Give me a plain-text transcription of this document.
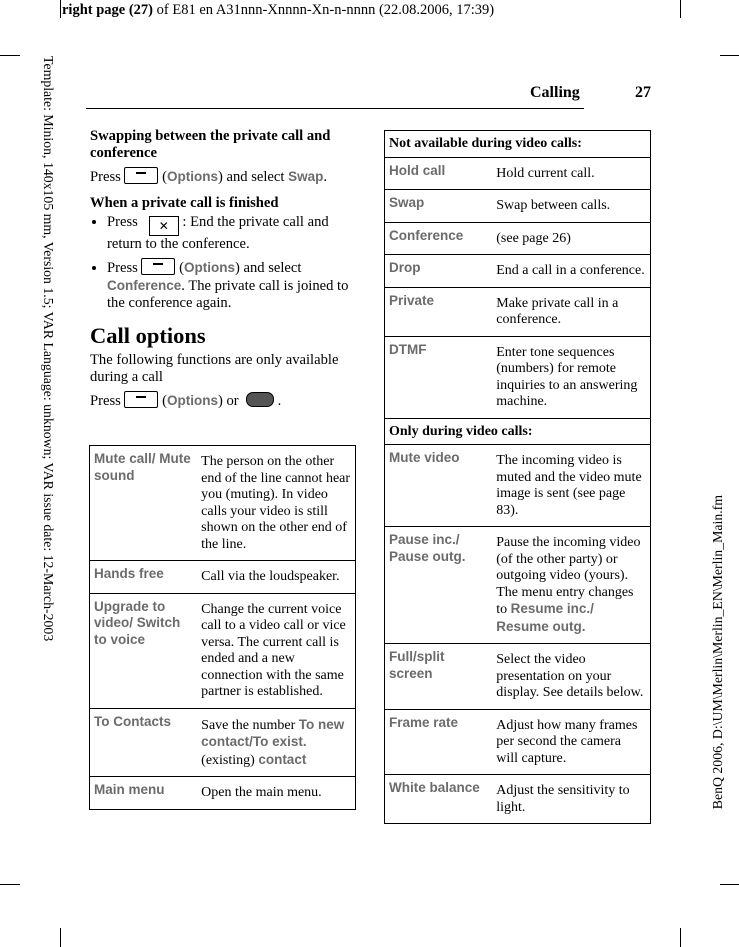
right page (27) of E81 en A31nnn-Xnnnn-Xn-n-nnnn (22.08.2006, 17:39)
Template: Minion, 140x105 mm, Version 1.5; VAR Language: unknown; VAR issue date: 12-March-2003
BenQ 2006, D:\UM\Merlin\Merlin_EN\Merlin_Main.fm
Calling	27

Swapping between the private call and conference

Press	(Options) and select Swap.

When a private call is finished

• Press ✕ : End the private call and return to the conference.
• Press	(Options) and select Conference. The private call is joined to the conference again.

Call options

The following functions are only available during a call

Press	(Options) or   .

Mute call/ Mute sound	The person on the other end of the line cannot hear you (muting). In video calls your video is still shown on the other end of the line.
Hands free	Call via the loudspeaker.
Upgrade to video/ Switch to voice	Change the current voice call to a video call or vice versa. The current call is ended and a new connection with the same partner is established.
To Contacts	Save the number To new contact/To exist.(existing) contact
Main menu	Open the main menu.
Not available during video calls:	
Hold call	Hold current call.
Swap	Swap between calls.
Conference	(see page 26)
Drop	End a call in a conference.
Private	Make private call in a conference.
DTMF	Enter tone sequences (numbers) for remote inquiries to an answering machine.
Only during video calls:	
Mute video	The incoming video is muted and the video mute image is sent (see page 83).
Pause inc./ Pause outg.	Pause the incoming video (of the other party) or outgoing video (yours). The menu entry changes to Resume inc./ Resume outg.
Full/split screen	Select the video presentation on your display. See details below.
Frame rate	Adjust how many frames per second the camera will capture.
White balance	Adjust the sensitivity to light.
